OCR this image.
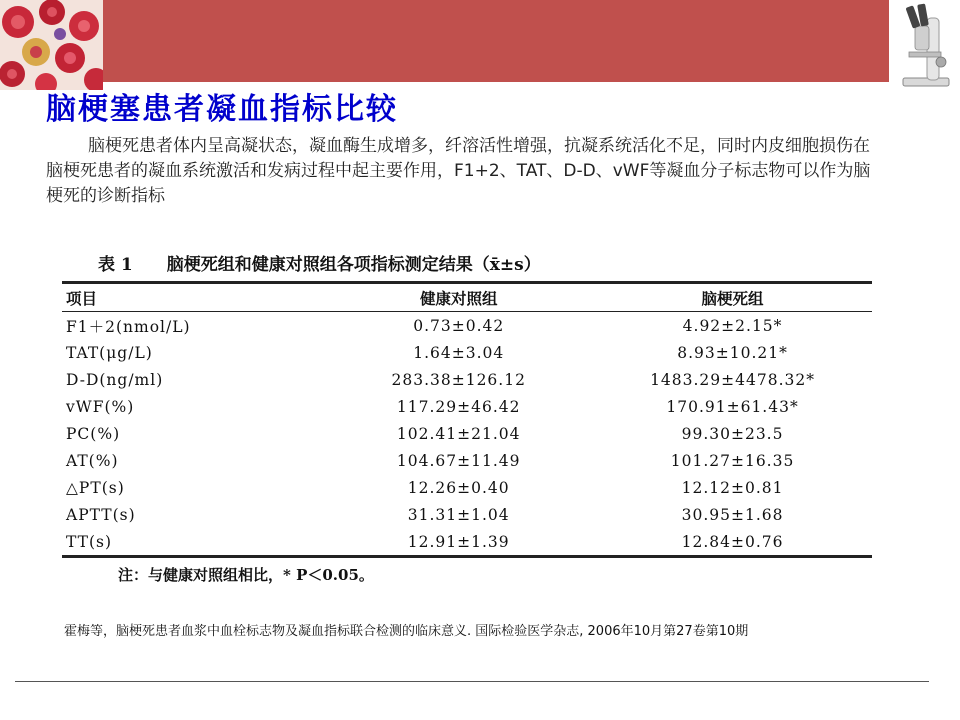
脑梗塞患者凝血指标比较
脑梗死患者体内呈高凝状态，凝血酶生成增多，纤溶活性增强，抗凝系统活化不足，同时内皮细胞损伤在脑梗死患者的凝血系统激活和发病过程中起主要作用，F1+2、TAT、D-D、vWF等凝血分子标志物可以作为脑梗死的诊断指标
表 1 脑梗死组和健康对照组各项指标测定结果（x̄±s）
项目	健康对照组	脑梗死组
F1＋2(nmol/L)	0.73±0.42	4.92±2.15*
TAT(μg/L)	1.64±3.04	8.93±10.21*
D-D(ng/ml)	283.38±126.12	1483.29±4478.32*
vWF(%)	117.29±46.42	170.91±61.43*
PC(%)	102.41±21.04	99.30±23.5
AT(%)	104.67±11.49	101.27±16.35
△PT(s)	12.26±0.40	12.12±0.81
APTT(s)	31.31±1.04	30.95±1.68
TT(s)	12.91±1.39	12.84±0.76
注：与健康对照组相比，* P＜0.05。
霍梅等，脑梗死患者血浆中血栓标志物及凝血指标联合检测的临床意义. 国际检验医学杂志, 2006年10月第27卷第10期
